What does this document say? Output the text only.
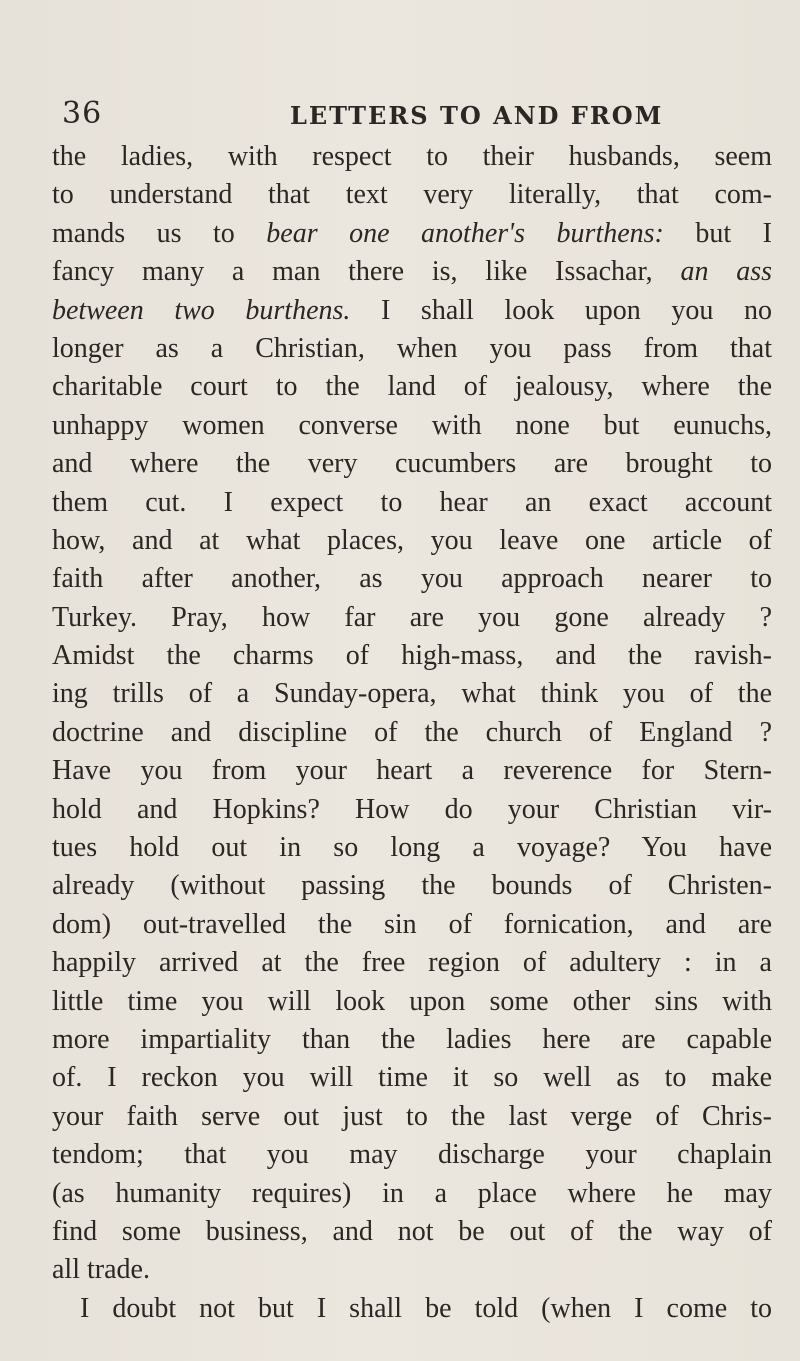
36	LETTERS TO AND FROM
the ladies, with respect to their husbands, seem
to understand that text very literally, that com-
mands us to bear one another's burthens: but I
fancy many a man there is, like Issachar, an ass
between two burthens. I shall look upon you no
longer as a Christian, when you pass from that
charitable court to the land of jealousy, where the
unhappy women converse with none but eunuchs,
and where the very cucumbers are brought to
them cut. I expect to hear an exact account
how, and at what places, you leave one article of
faith after another, as you approach nearer to
Turkey. Pray, how far are you gone already ?
Amidst the charms of high-mass, and the ravish-
ing trills of a Sunday-opera, what think you of the
doctrine and discipline of the church of England ?
Have you from your heart a reverence for Stern-
hold and Hopkins? How do your Christian vir-
tues hold out in so long a voyage? You have
already (without passing the bounds of Christen-
dom) out-travelled the sin of fornication, and are
happily arrived at the free region of adultery : in a
little time you will look upon some other sins with
more impartiality than the ladies here are capable
of. I reckon you will time it so well as to make
your faith serve out just to the last verge of Chris-
tendom; that you may discharge your chaplain
(as humanity requires) in a place where he may
find some business, and not be out of the way of
all trade.
I doubt not but I shall be told (when I come to
